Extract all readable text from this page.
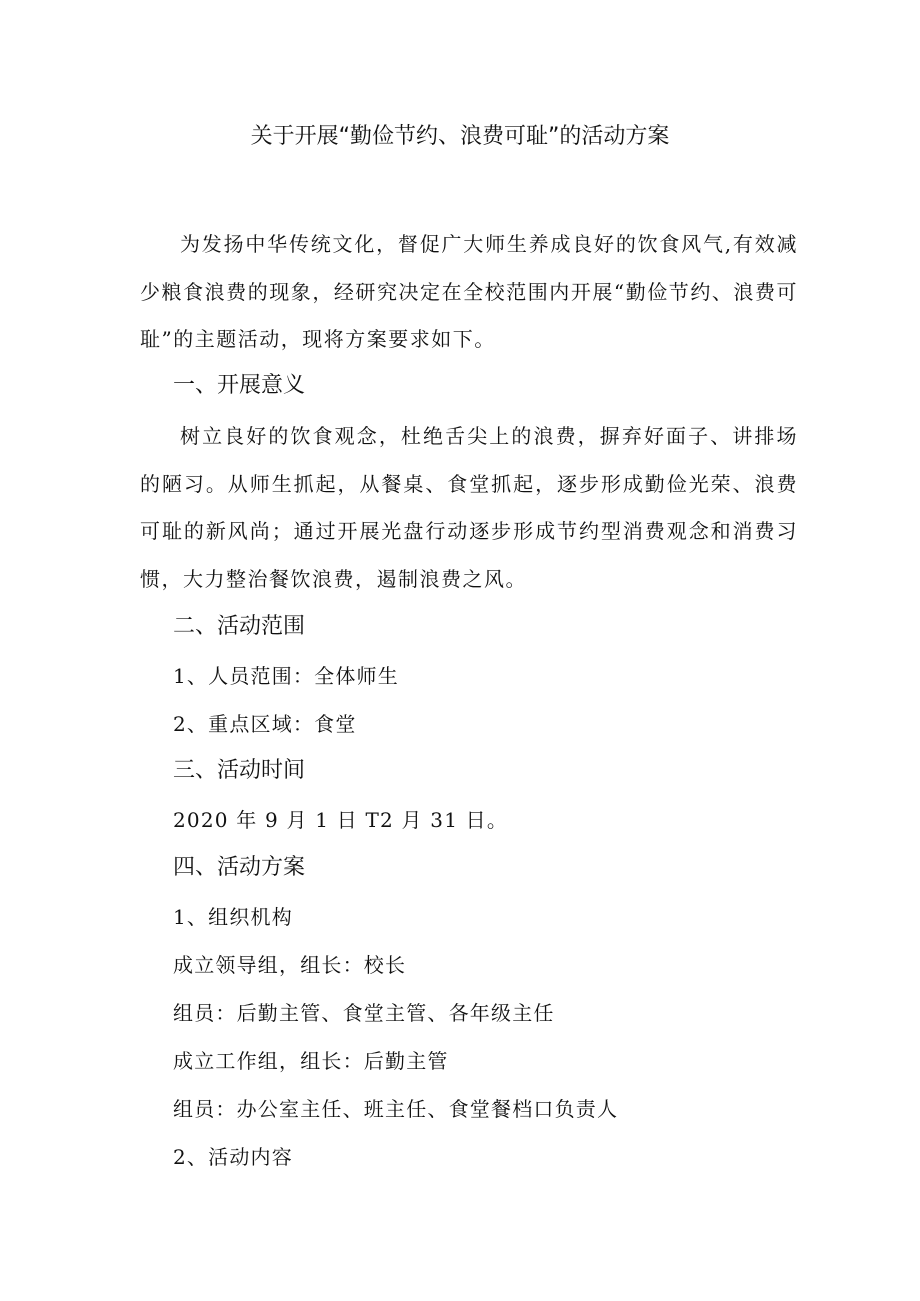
关于开展“勤俭节约、浪费可耻”的活动方案

为发扬中华传统文化，督促广大师生养成良好的饮食风气,有效减少粮食浪费的现象，经研究决定在全校范围内开展“勤俭节约、浪费可耻”的主题活动，现将方案要求如下。

一、开展意义

树立良好的饮食观念，杜绝舌尖上的浪费，摒弃好面子、讲排场的陋习。从师生抓起，从餐桌、食堂抓起，逐步形成勤俭光荣、浪费可耻的新风尚；通过开展光盘行动逐步形成节约型消费观念和消费习惯，大力整治餐饮浪费，遏制浪费之风。

二、活动范围

1、人员范围：全体师生

2、重点区域：食堂

三、活动时间

2020 年 9 月 1 日 T2 月 31 日。

四、活动方案

1、组织机构

成立领导组，组长：校长

组员：后勤主管、食堂主管、各年级主任

成立工作组，组长：后勤主管

组员：办公室主任、班主任、食堂餐档口负责人

2、活动内容
